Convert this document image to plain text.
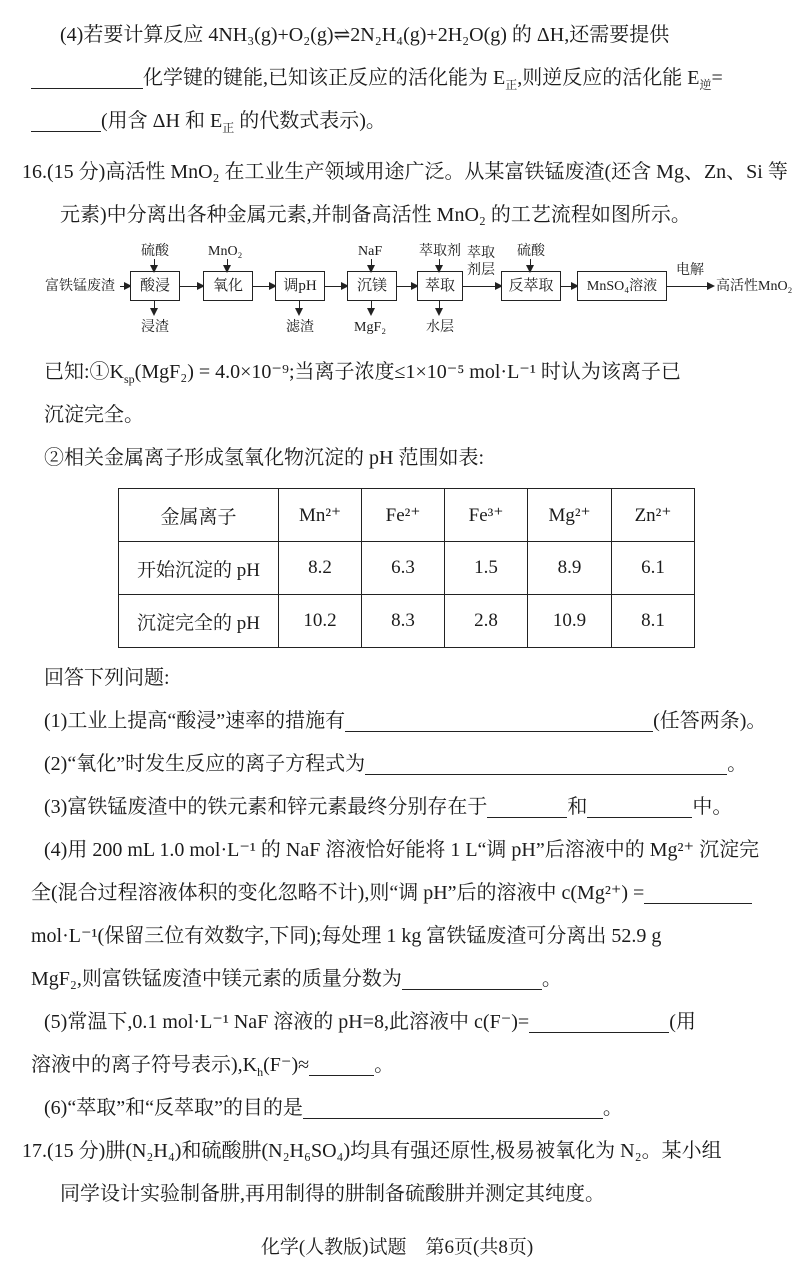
(4)若要计算反应 4NH₃(g)+O₂(g)⇌2N₂H₄(g)+2H₂O(g) 的 ΔH,还需要提供

化学键的键能,已知该正反应的活化能为 $E_正$,则逆反应的活化能 $E_逆=$

(用含 ΔH 和 $E_正$ 的代数式表示)。

16.(15 分)高活性 MnO₂ 在工业生产领域用途广泛。从某富铁锰废渣(还含 Mg、Zn、Si 等

元素)中分离出各种金属元素,并制备高活性 MnO₂ 的工艺流程如图所示。

富铁锰废渣	酸浸	氧化	调pH	沉镁	萃取	反萃取	MnSO₄溶液	高活性MnO₂
硫酸	MnO₂	NaF	萃取剂	硫酸
萃取
剂层	电解
浸渣	滤渣	MgF₂	水层

已知$:①K_{sp}(MgF_2) = 4.0\times 10^{-9}$;当离子浓度≤1×10⁻⁵ mol·L⁻¹ 时认为该离子已

沉淀完全。

②相关金属离子形成氢氧化物沉淀的 pH 范围如表:

金属离子	Mn²⁺	Fe²⁺	Fe³⁺	Mg²⁺	Zn²⁺
开始沉淀的 pH	8.2	6.3	1.5	8.9	6.1
沉淀完全的 pH	10.2	8.3	2.8	10.9	8.1

回答下列问题:

(1)工业上提高“酸浸”速率的措施有	(任答两条)。

(2)“氧化”时发生反应的离子方程式为	。

(3)富铁锰废渣中的铁元素和锌元素最终分别存在于	和	中。

(4)用 200 mL 1.0 mol·L⁻¹ 的 NaF 溶液恰好能将 1 L“调 pH”后溶液中的 Mg²⁺ 沉淀完

全(混合过程溶液体积的变化忽略不计),则“调 pH”后的溶液中 c(Mg²⁺) =

mol·L⁻¹(保留三位有效数字,下同);每处理 1 kg 富铁锰废渣可分离出 52.9 g

MgF₂,则富铁锰废渣中镁元素的质量分数为	。

(5)常温下,0.1 mol·L⁻¹ NaF 溶液的 pH=8,此溶液中 c(F⁻)=	(用

溶液中的离子符号表示)$,K_h(F^-)\approx$	。

(6)“萃取”和“反萃取”的目的是	。

17.(15 分)肼(N₂H₄)和硫酸肼(N₂H₆SO₄)均具有强还原性,极易被氧化为 N₂。某小组

同学设计实验制备肼,再用制得的肼制备硫酸肼并测定其纯度。

化学(人教版)试题　第6页(共8页)
